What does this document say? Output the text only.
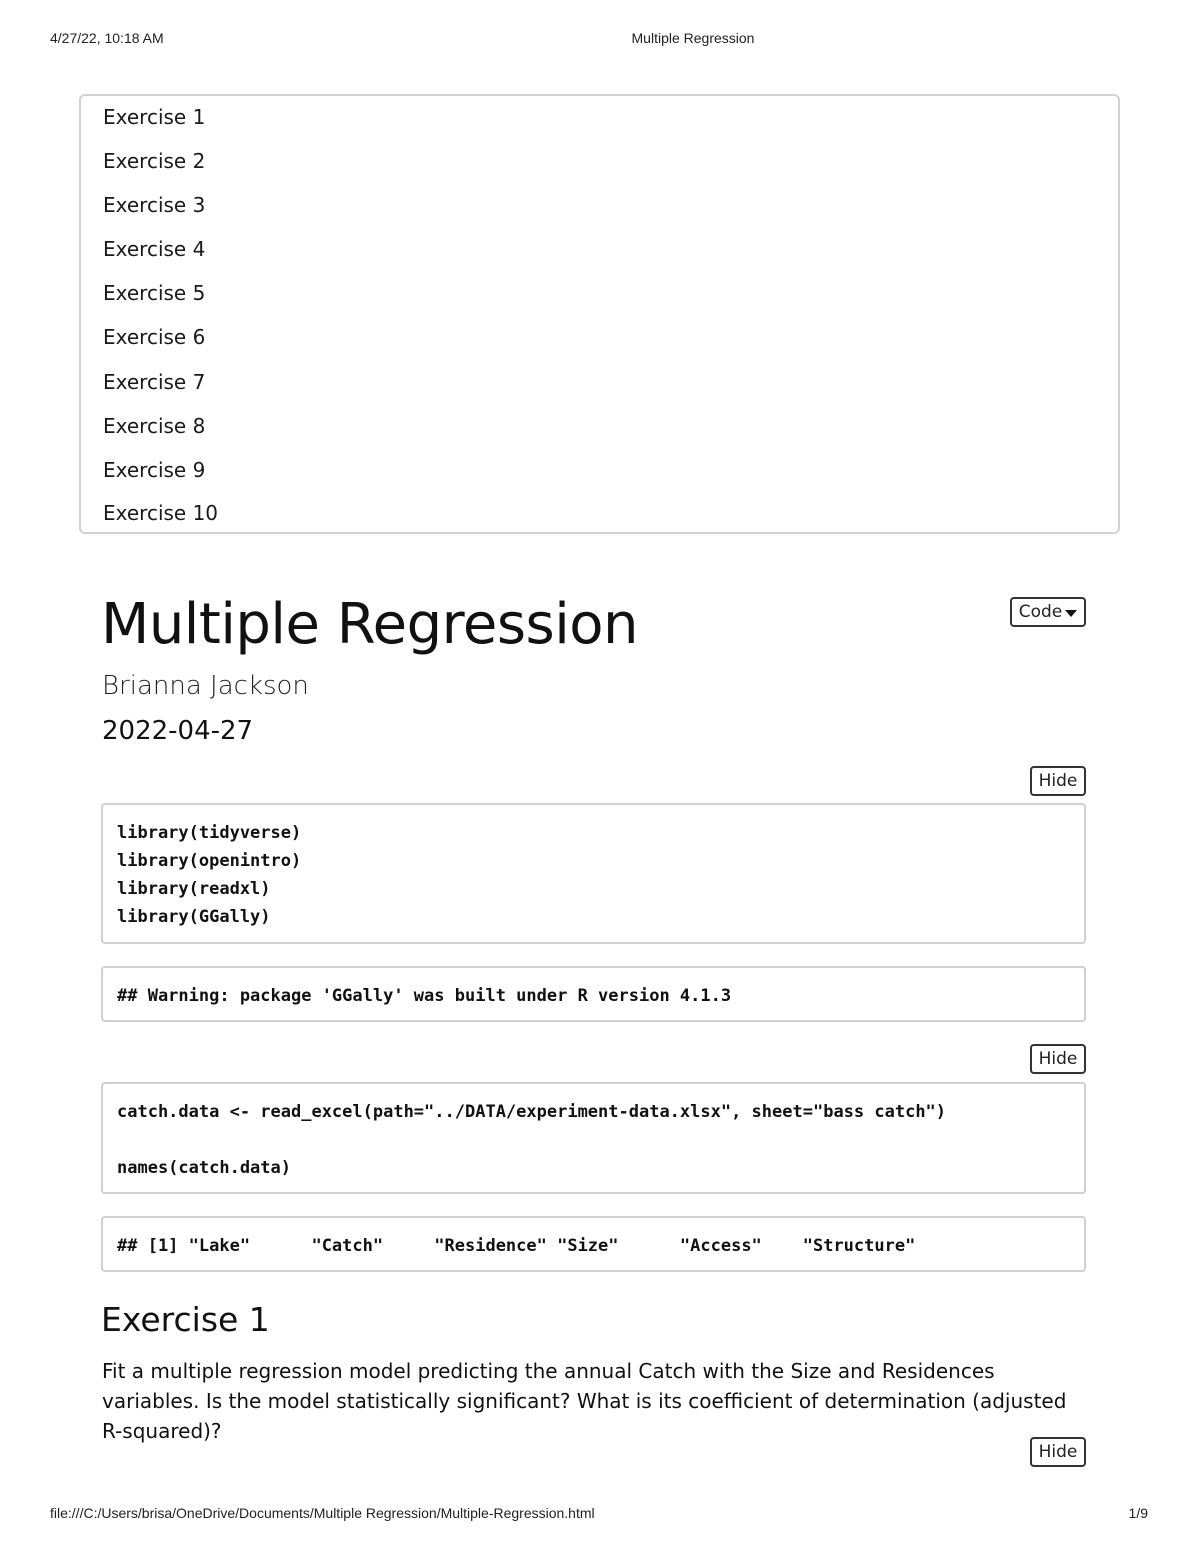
4/27/22, 10:18 AM	Multiple Regression
Exercise 1
Exercise 2
Exercise 3
Exercise 4
Exercise 5
Exercise 6
Exercise 7
Exercise 8
Exercise 9
Exercise 10
Code
Multiple Regression
Brianna Jackson
2022-04-27
Hide
library(tidyverse)
library(openintro)
library(readxl)
library(GGally)
## Warning: package 'GGally' was built under R version 4.1.3
Hide
catch.data <- read_excel(path="../DATA/experiment-data.xlsx", sheet="bass catch")

names(catch.data)
## [1] "Lake"      "Catch"     "Residence" "Size"      "Access"    "Structure"
Exercise 1

Fit a multiple regression model predicting the annual Catch with the Size and Residences variables. Is the model statistically significant? What is its coefficient of determination (adjusted R-squared)?

Hide
file:///C:/Users/brisa/OneDrive/Documents/Multiple Regression/Multiple-Regression.html	1/9
